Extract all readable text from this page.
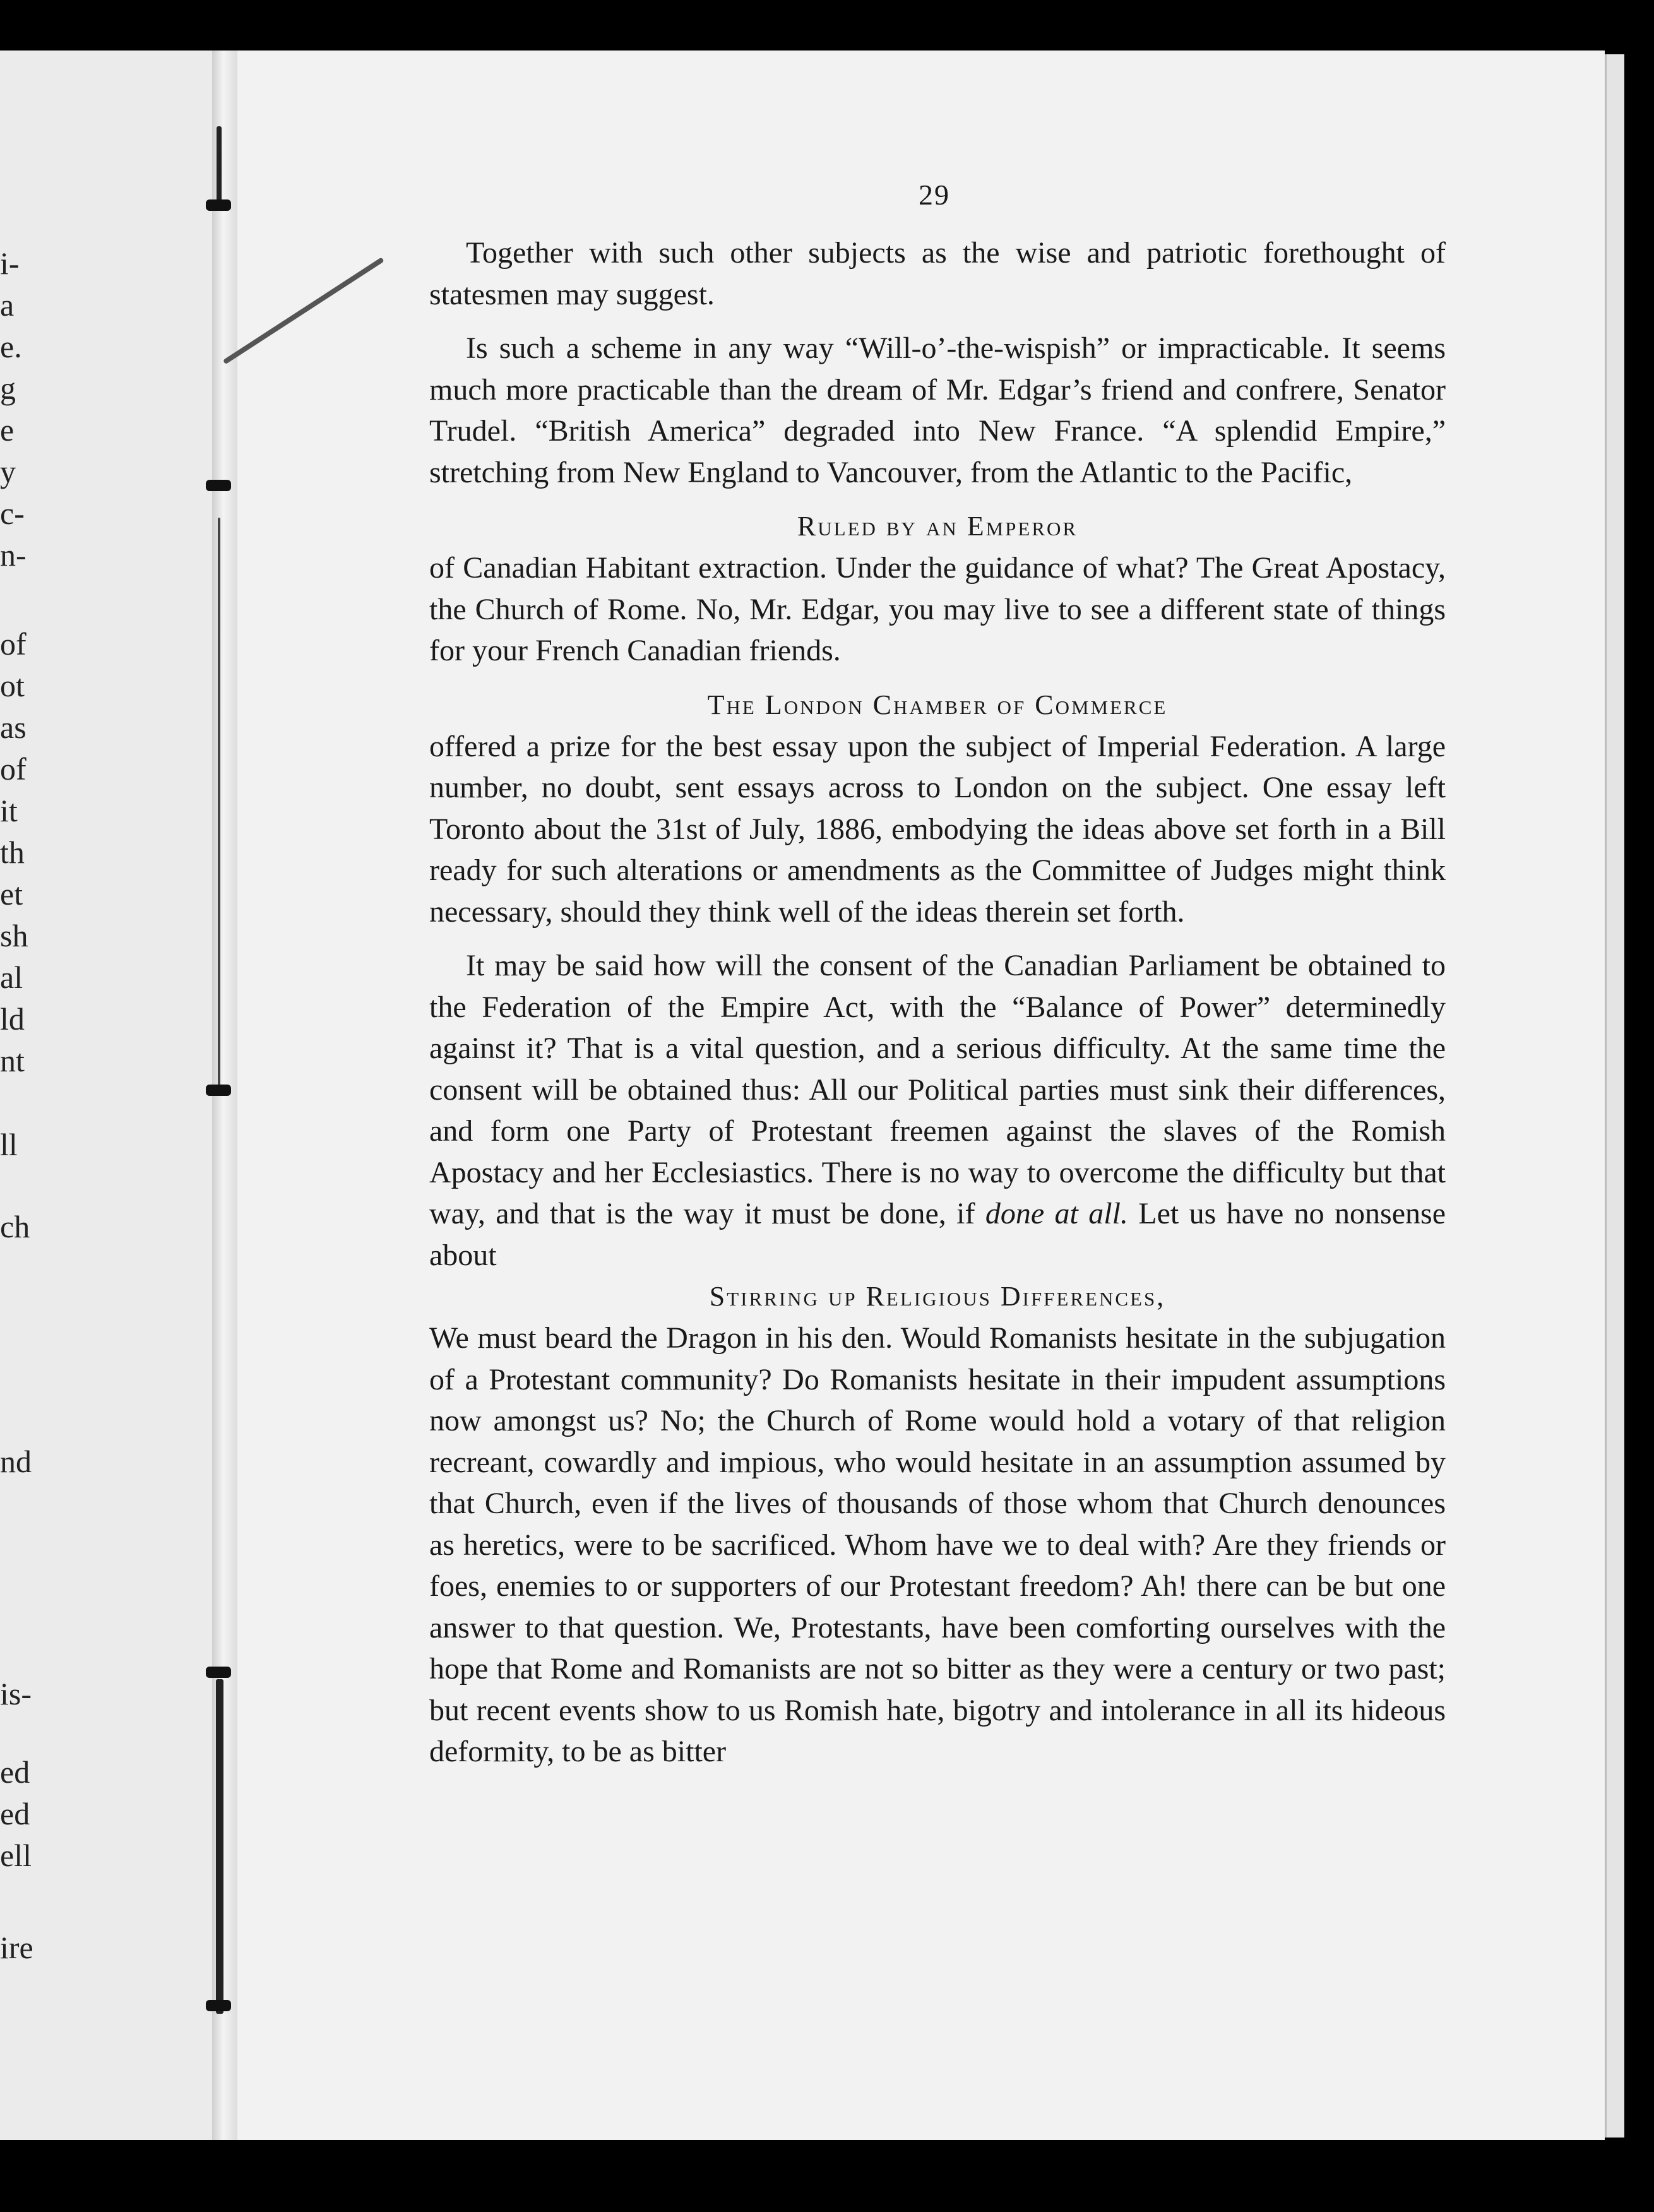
i-
a
e.
g
e
y
c-
n-
of
ot
as
of
it
th
et
sh
al
ld
nt
ll
ch
nd
is-
ed
ed
ell
ire
29

Together with such other subjects as the wise and patriotic forethought of statesmen may suggest.

Is such a scheme in any way “Will-o’-the-wispish” or impracticable. It seems much more practicable than the dream of Mr. Edgar’s friend and confrere, Senator Trudel. “British America” degraded into New France. “A splendid Empire,” stretching from New England to Vancouver, from the Atlantic to the Pacific,

Ruled by an Emperor

of Canadian Habitant extraction. Under the guidance of what? The Great Apostacy, the Church of Rome. No, Mr. Edgar, you may live to see a different state of things for your French Canadian friends.

The London Chamber of Commerce

offered a prize for the best essay upon the subject of Imperial Federation. A large number, no doubt, sent essays across to London on the subject. One essay left Toronto about the 31st of July, 1886, embodying the ideas above set forth in a Bill ready for such alterations or amendments as the Committee of Judges might think necessary, should they think well of the ideas therein set forth.

It may be said how will the consent of the Canadian Parliament be obtained to the Federation of the Empire Act, with the “Balance of Power” determinedly against it? That is a vital question, and a serious difficulty. At the same time the consent will be obtained thus: All our Political parties must sink their differences, and form one Party of Protestant freemen against the slaves of the Romish Apostacy and her Ecclesiastics. There is no way to overcome the difficulty but that way, and that is the way it must be done, if done at all. Let us have no nonsense about

Stirring up Religious Differences,

We must beard the Dragon in his den. Would Romanists hesitate in the subjugation of a Protestant community? Do Romanists hesitate in their impudent assumptions now amongst us? No; the Church of Rome would hold a votary of that religion recreant, cowardly and impious, who would hesitate in an assumption assumed by that Church, even if the lives of thousands of those whom that Church denounces as heretics, were to be sacrificed. Whom have we to deal with? Are they friends or foes, enemies to or supporters of our Protestant freedom? Ah! there can be but one answer to that question. We, Protestants, have been comforting ourselves with the hope that Rome and Romanists are not so bitter as they were a century or two past; but recent events show to us Romish hate, bigotry and intolerance in all its hideous deformity, to be as bitter
